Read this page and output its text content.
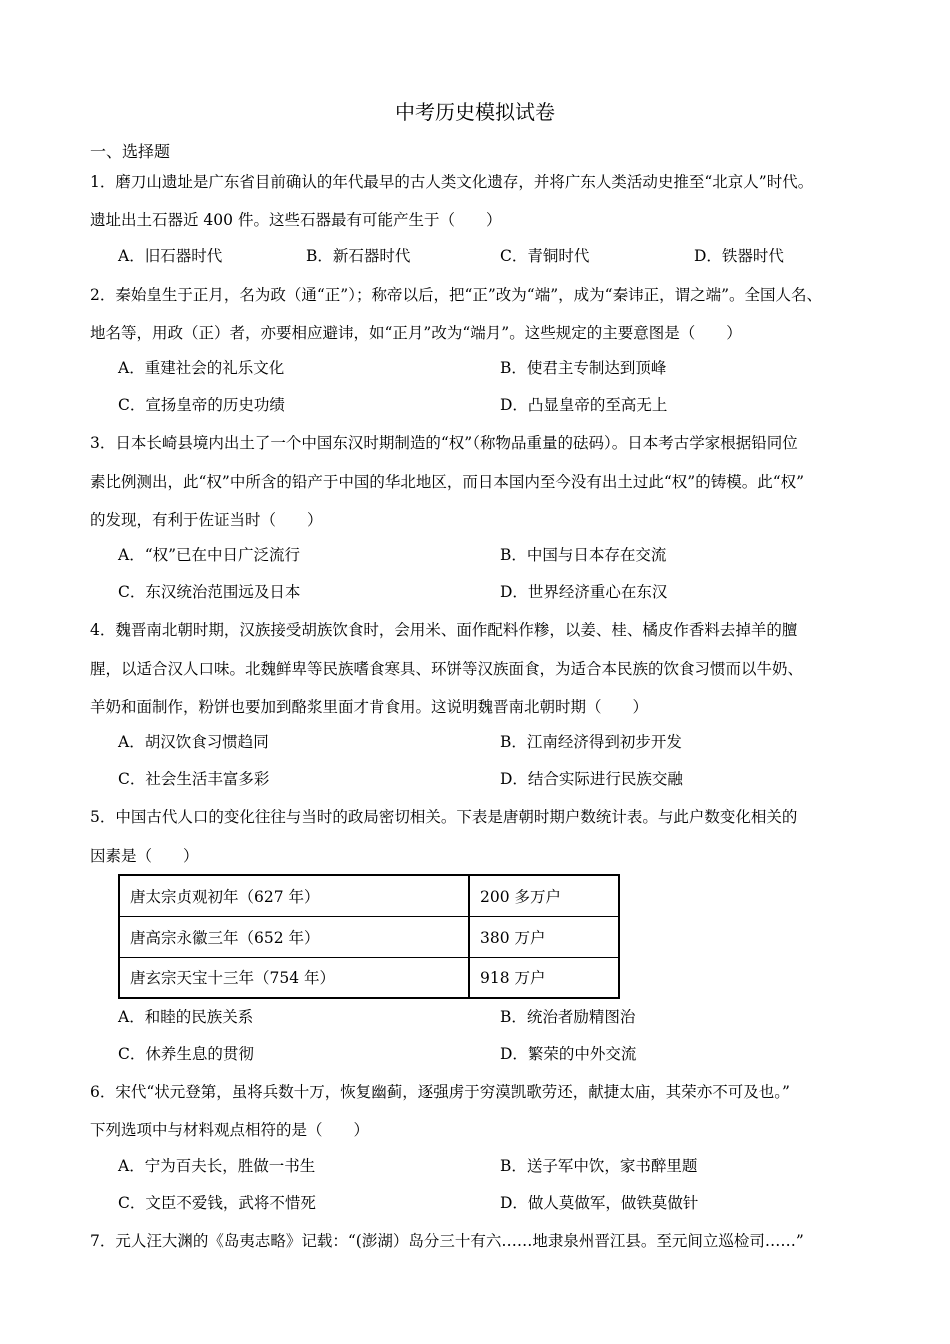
中考历史模拟试卷
一、选择题
1．磨刀山遗址是广东省目前确认的年代最早的古人类文化遗存，并将广东人类活动史推至“北京人”时代。
遗址出土石器近 400 件。这些石器最有可能产生于（　　）
A．旧石器时代	B．新石器时代	C．青铜时代	D．铁器时代
2．秦始皇生于正月，名为政（通“正”）；称帝以后，把“正”改为“端”，成为“秦讳正，谓之端”。全国人名、
地名等，用政（正）者，亦要相应避讳，如“正月”改为“端月”。这些规定的主要意图是（　　）
A．重建社会的礼乐文化	B．使君主专制达到顶峰
C．宣扬皇帝的历史功绩	D．凸显皇帝的至高无上
3．日本长崎县境内出土了一个中国东汉时期制造的“权”（称物品重量的砝码）。日本考古学家根据铅同位
素比例测出，此“权”中所含的铅产于中国的华北地区，而日本国内至今没有出土过此“权”的铸模。此“权”
的发现，有利于佐证当时（　　）
A．“权”已在中日广泛流行	B．中国与日本存在交流
C．东汉统治范围远及日本	D．世界经济重心在东汉
4．魏晋南北朝时期，汉族接受胡族饮食时，会用米、面作配料作糁，以姜、桂、橘皮作香料去掉羊的膻
腥，以适合汉人口味。北魏鲜卑等民族嗜食寒具、环饼等汉族面食，为适合本民族的饮食习惯而以牛奶、
羊奶和面制作，粉饼也要加到酪浆里面才肯食用。这说明魏晋南北朝时期（　　）
A．胡汉饮食习惯趋同	B．江南经济得到初步开发
C．社会生活丰富多彩	D．结合实际进行民族交融
5．中国古代人口的变化往往与当时的政局密切相关。下表是唐朝时期户数统计表。与此户数变化相关的
因素是（　　）
唐太宗贞观初年（627 年）	200 多万户
唐高宗永徽三年（652 年）	380 万户
唐玄宗天宝十三年（754 年）	918 万户
A．和睦的民族关系	B．统治者励精图治
C．休养生息的贯彻	D．繁荣的中外交流
6．宋代“状元登第，虽将兵数十万，恢复幽蓟，逐强虏于穷漠凯歌劳还，献捷太庙，其荣亦不可及也。”
下列选项中与材料观点相符的是（　　）
A．宁为百夫长，胜做一书生	B．送子军中饮，家书醉里题
C．文臣不爱钱，武将不惜死	D．做人莫做军，做铁莫做针
7．元人汪大渊的《岛夷志略》记载：“(澎湖）岛分三十有六……地隶泉州晋江县。至元间立巡检司……”
